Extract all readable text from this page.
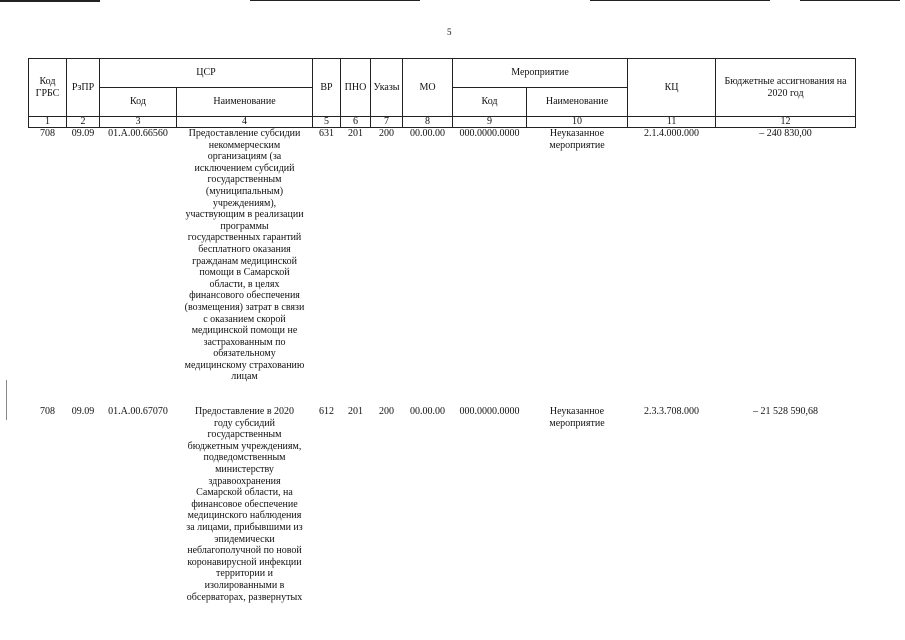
5
Код ГРБС	РзПР	ЦСР		ВР	ПНО	Указы	МО	Мероприятие		КЦ	Бюджетные ассигнования на 2020 год
		Код	Наименование					Код	Наименование		
1	2	3	4	5	6	7	8	9	10	11	12
708	09.09	01.А.00.66560	Предоставление субсидии некоммерческим организациям (за исключением субсидий государственным (муниципальным) учреждениям), участвующим в реализации программы государственных гарантий бесплатного оказания гражданам медицинской помощи в Самарской области, в целях финансового обеспечения (возмещения) затрат в связи с оказанием скорой медицинской помощи не застрахованным по обязательному медицинскому страхованию лицам	631	201	200	00.00.00	000.0000.0000	Неуказанное мероприятие	2.1.4.000.000	– 240 830,00
708	09.09	01.А.00.67070	Предоставление в 2020 году субсидий государственным бюджетным учреждениям, подведомственным министерству здравоохранения Самарской области, на финансовое обеспечение медицинского наблюдения за лицами, прибывшими из эпидемически неблагополучной по новой коронавирусной инфекции территории и изолированными в обсерваторах, развернутых	612	201	200	00.00.00	000.0000.0000	Неуказанное мероприятие	2.3.3.708.000	– 21 528 590,68
